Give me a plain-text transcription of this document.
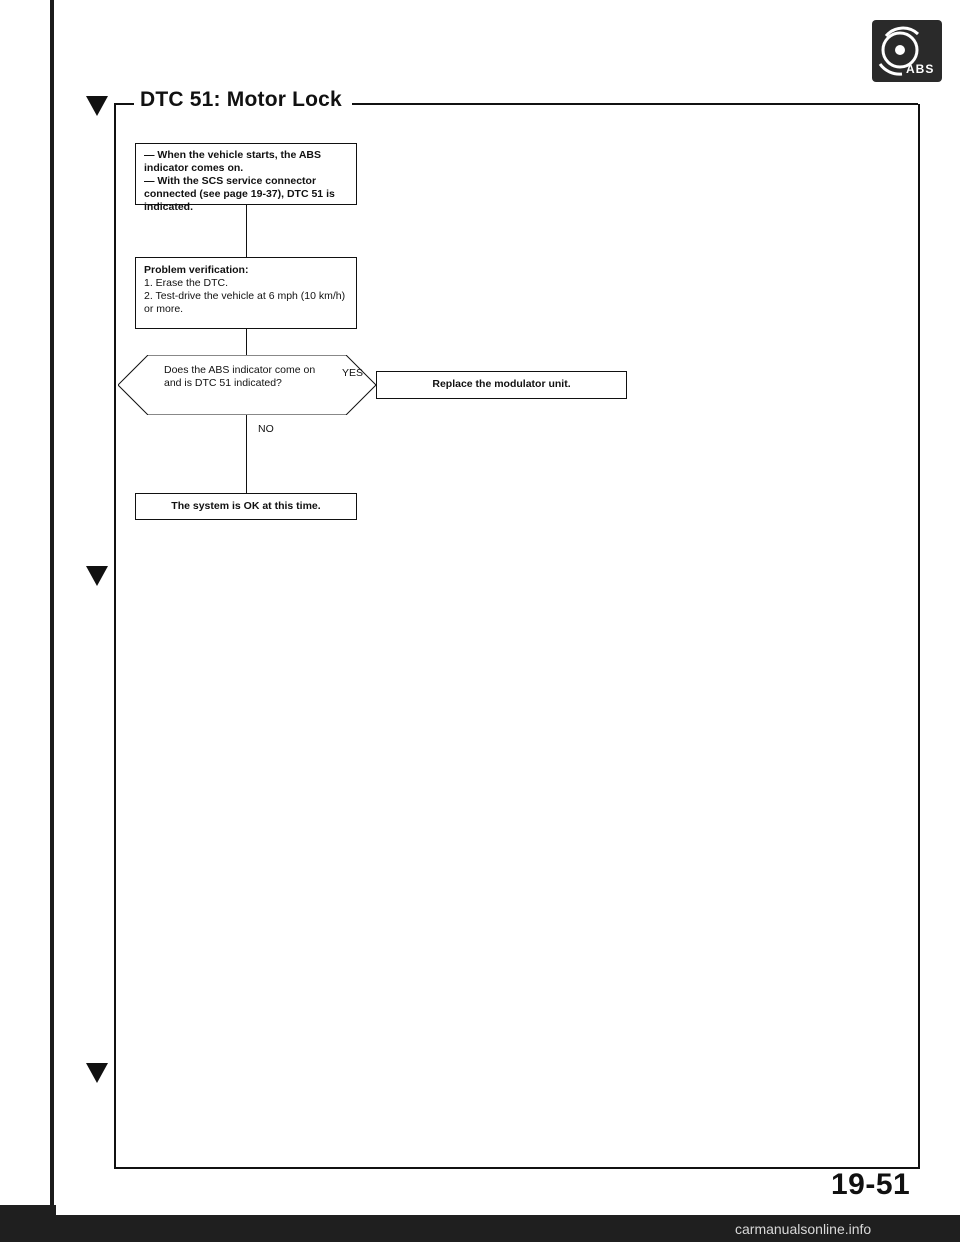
ABS
DTC 51: Motor Lock

— When the vehicle starts, the ABS indicator comes on.

— With the SCS service connector connected (see page 19-37), DTC 51 is indicated.

Problem verification:

1. Erase the DTC.

2. Test-drive the vehicle at 6 mph (10 km/h) or more.

Does the ABS indicator come on and is DTC 51 indicated?
YES
Replace the modulator unit.
NO
The system is OK at this time.
19-51
carmanualsonline.info
